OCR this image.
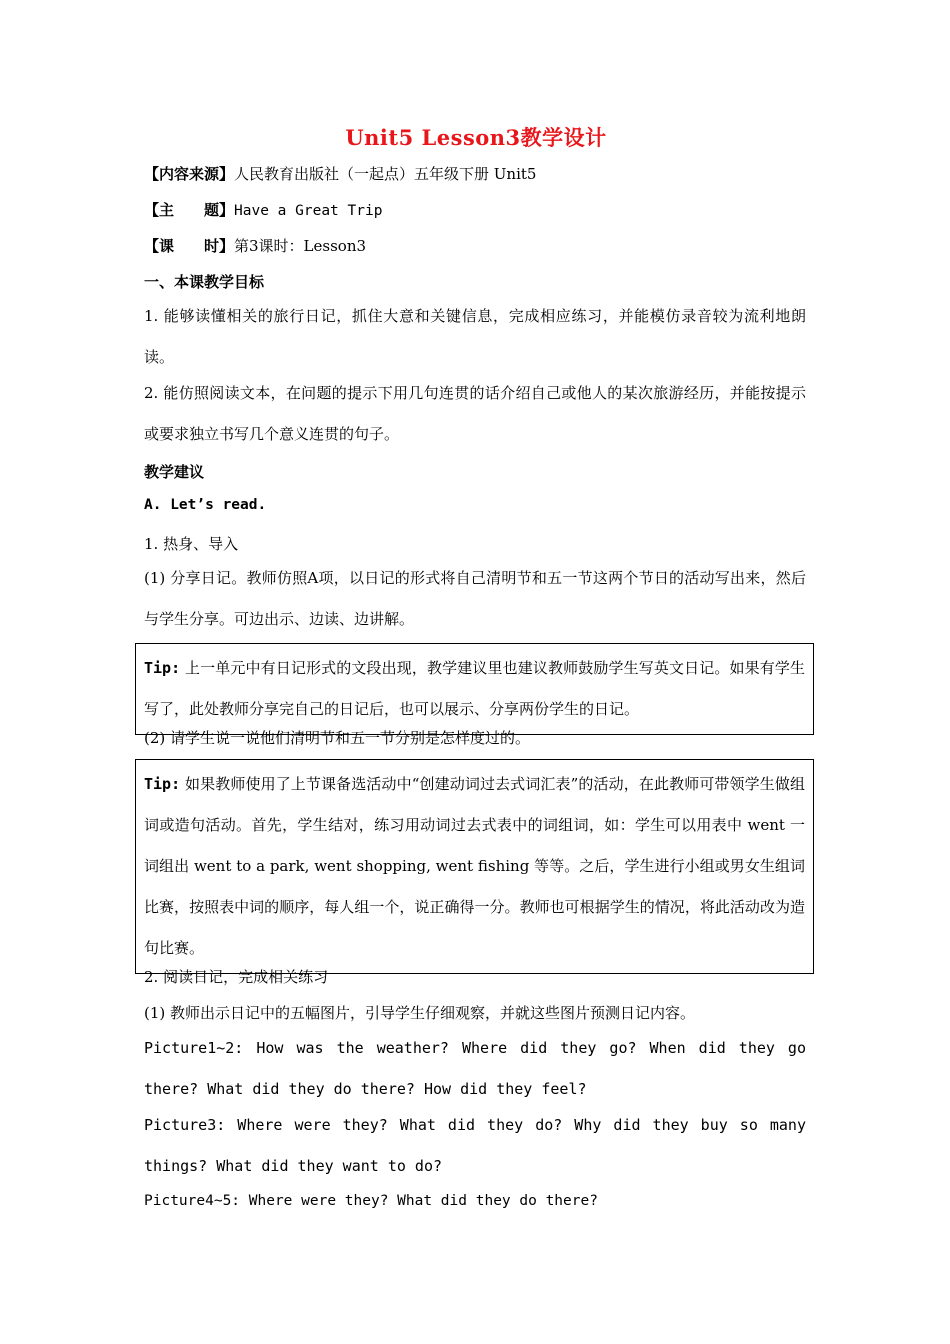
Unit5 Lesson3教学设计
【内容来源】人民教育出版社（一起点）五年级下册 Unit5
【主　　题】Have a Great Trip
【课　　时】第3课时：Lesson3
一、本课教学目标
1. 能够读懂相关的旅行日记，抓住大意和关键信息，完成相应练习，并能模仿录音较为流利地朗读。
2. 能仿照阅读文本，在问题的提示下用几句连贯的话介绍自己或他人的某次旅游经历，并能按提示或要求独立书写几个意义连贯的句子。
教学建议
A. Let’s read.
1. 热身、导入
(1) 分享日记。教师仿照A项，以日记的形式将自己清明节和五一节这两个节日的活动写出来，然后与学生分享。可边出示、边读、边讲解。
Tip: 上一单元中有日记形式的文段出现，教学建议里也建议教师鼓励学生写英文日记。如果有学生写了，此处教师分享完自己的日记后，也可以展示、分享两份学生的日记。
(2) 请学生说一说他们清明节和五一节分别是怎样度过的。
Tip: 如果教师使用了上节课备选活动中“创建动词过去式词汇表”的活动，在此教师可带领学生做组词或造句活动。首先，学生结对，练习用动词过去式表中的词组词，如：学生可以用表中 went 一词组出 went to a park, went shopping, went fishing 等等。之后，学生进行小组或男女生组词比赛，按照表中词的顺序，每人组一个，说正确得一分。教师也可根据学生的情况，将此活动改为造句比赛。
2. 阅读日记，完成相关练习
(1) 教师出示日记中的五幅图片，引导学生仔细观察，并就这些图片预测日记内容。
Picture1~2: How was the weather? Where did they go? When did they go there? What did they do there? How did they feel?
Picture3: Where were they? What did they do? Why did they buy so many things? What did they want to do?
Picture4~5: Where were they? What did they do there?
